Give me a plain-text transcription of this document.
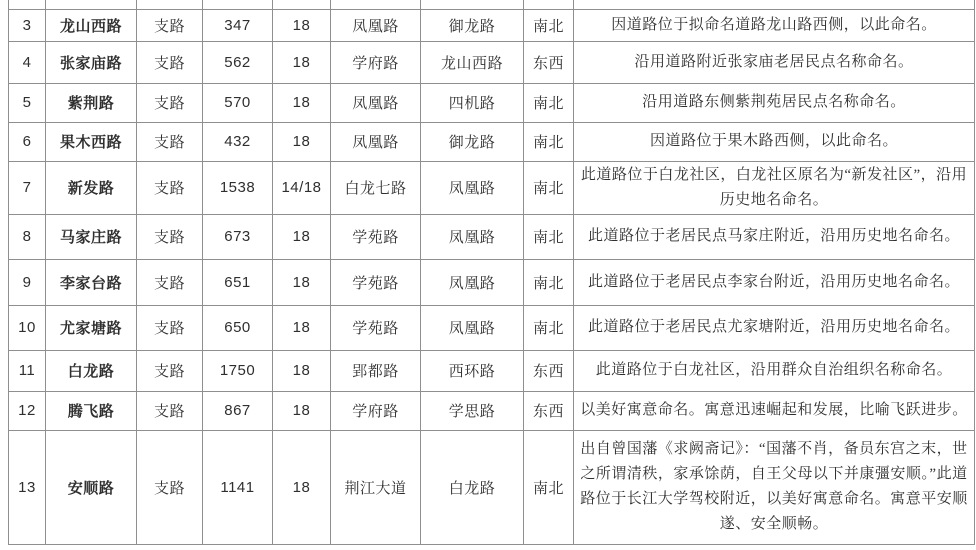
3	龙山西路	支路	347	18	凤凰路	御龙路	南北	因道路位于拟命名道路龙山路西侧，以此命名。
4	张家庙路	支路	562	18	学府路	龙山西路	东西	沿用道路附近张家庙老居民点名称命名。
5	紫荆路	支路	570	18	凤凰路	四机路	南北	沿用道路东侧紫荆苑居民点名称命名。
6	果木西路	支路	432	18	凤凰路	御龙路	南北	因道路位于果木路西侧，以此命名。
7	新发路	支路	1538	14/18	白龙七路	凤凰路	南北	此道路位于白龙社区，白龙社区原名为“新发社区”，沿用历史地名命名。
8	马家庄路	支路	673	18	学苑路	凤凰路	南北	此道路位于老居民点马家庄附近，沿用历史地名命名。
9	李家台路	支路	651	18	学苑路	凤凰路	南北	此道路位于老居民点李家台附近，沿用历史地名命名。
10	尤家塘路	支路	650	18	学苑路	凤凰路	南北	此道路位于老居民点尤家塘附近，沿用历史地名命名。
11	白龙路	支路	1750	18	郢都路	西环路	东西	此道路位于白龙社区，沿用群众自治组织名称命名。
12	腾飞路	支路	867	18	学府路	学思路	东西	以美好寓意命名。寓意迅速崛起和发展，比喻飞跃进步。
13	安顺路	支路	1141	18	荆江大道	白龙路	南北	出自曾国藩《求阙斋记》：“国藩不肖，备员东宫之末，世之所谓清秩，家承馀荫，自王父母以下并康彊安顺。”此道路位于长江大学驾校附近，以美好寓意命名。寓意平安顺遂、安全顺畅。
